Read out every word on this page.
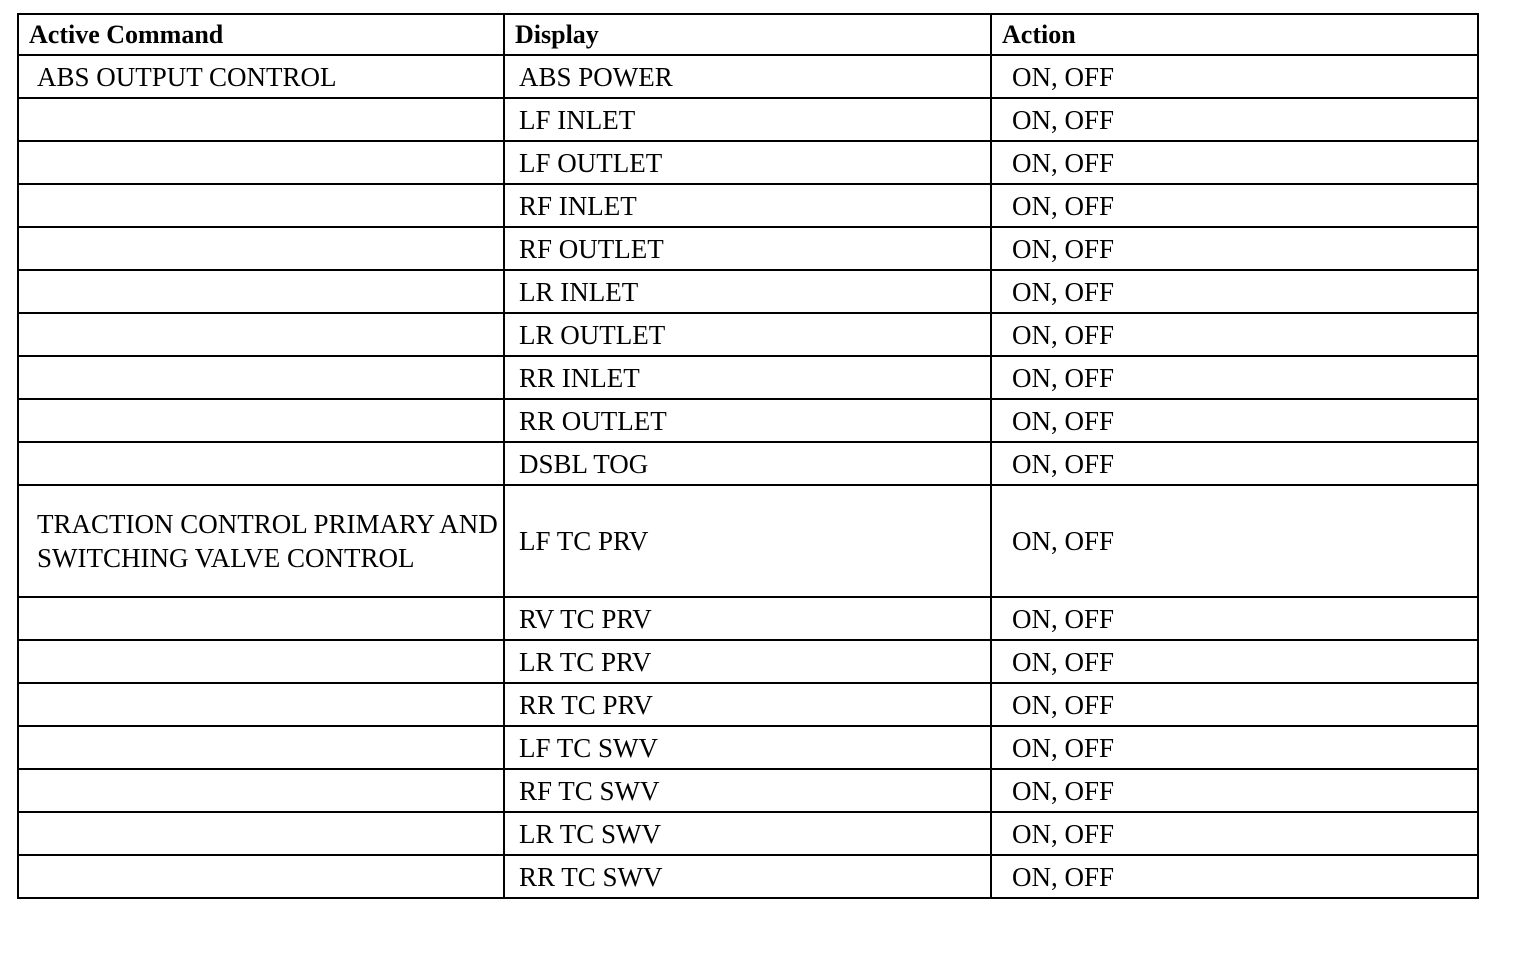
Active Command	Display	Action
ABS OUTPUT CONTROL	ABS POWER	ON, OFF
	LF INLET	ON, OFF
	LF OUTLET	ON, OFF
	RF INLET	ON, OFF
	RF OUTLET	ON, OFF
	LR INLET	ON, OFF
	LR OUTLET	ON, OFF
	RR INLET	ON, OFF
	RR OUTLET	ON, OFF
	DSBL TOG	ON, OFF
TRACTION CONTROL PRIMARY AND SWITCHING VALVE CONTROL	LF TC PRV	ON, OFF
	RV TC PRV	ON, OFF
	LR TC PRV	ON, OFF
	RR TC PRV	ON, OFF
	LF TC SWV	ON, OFF
	RF TC SWV	ON, OFF
	LR TC SWV	ON, OFF
	RR TC SWV	ON, OFF
